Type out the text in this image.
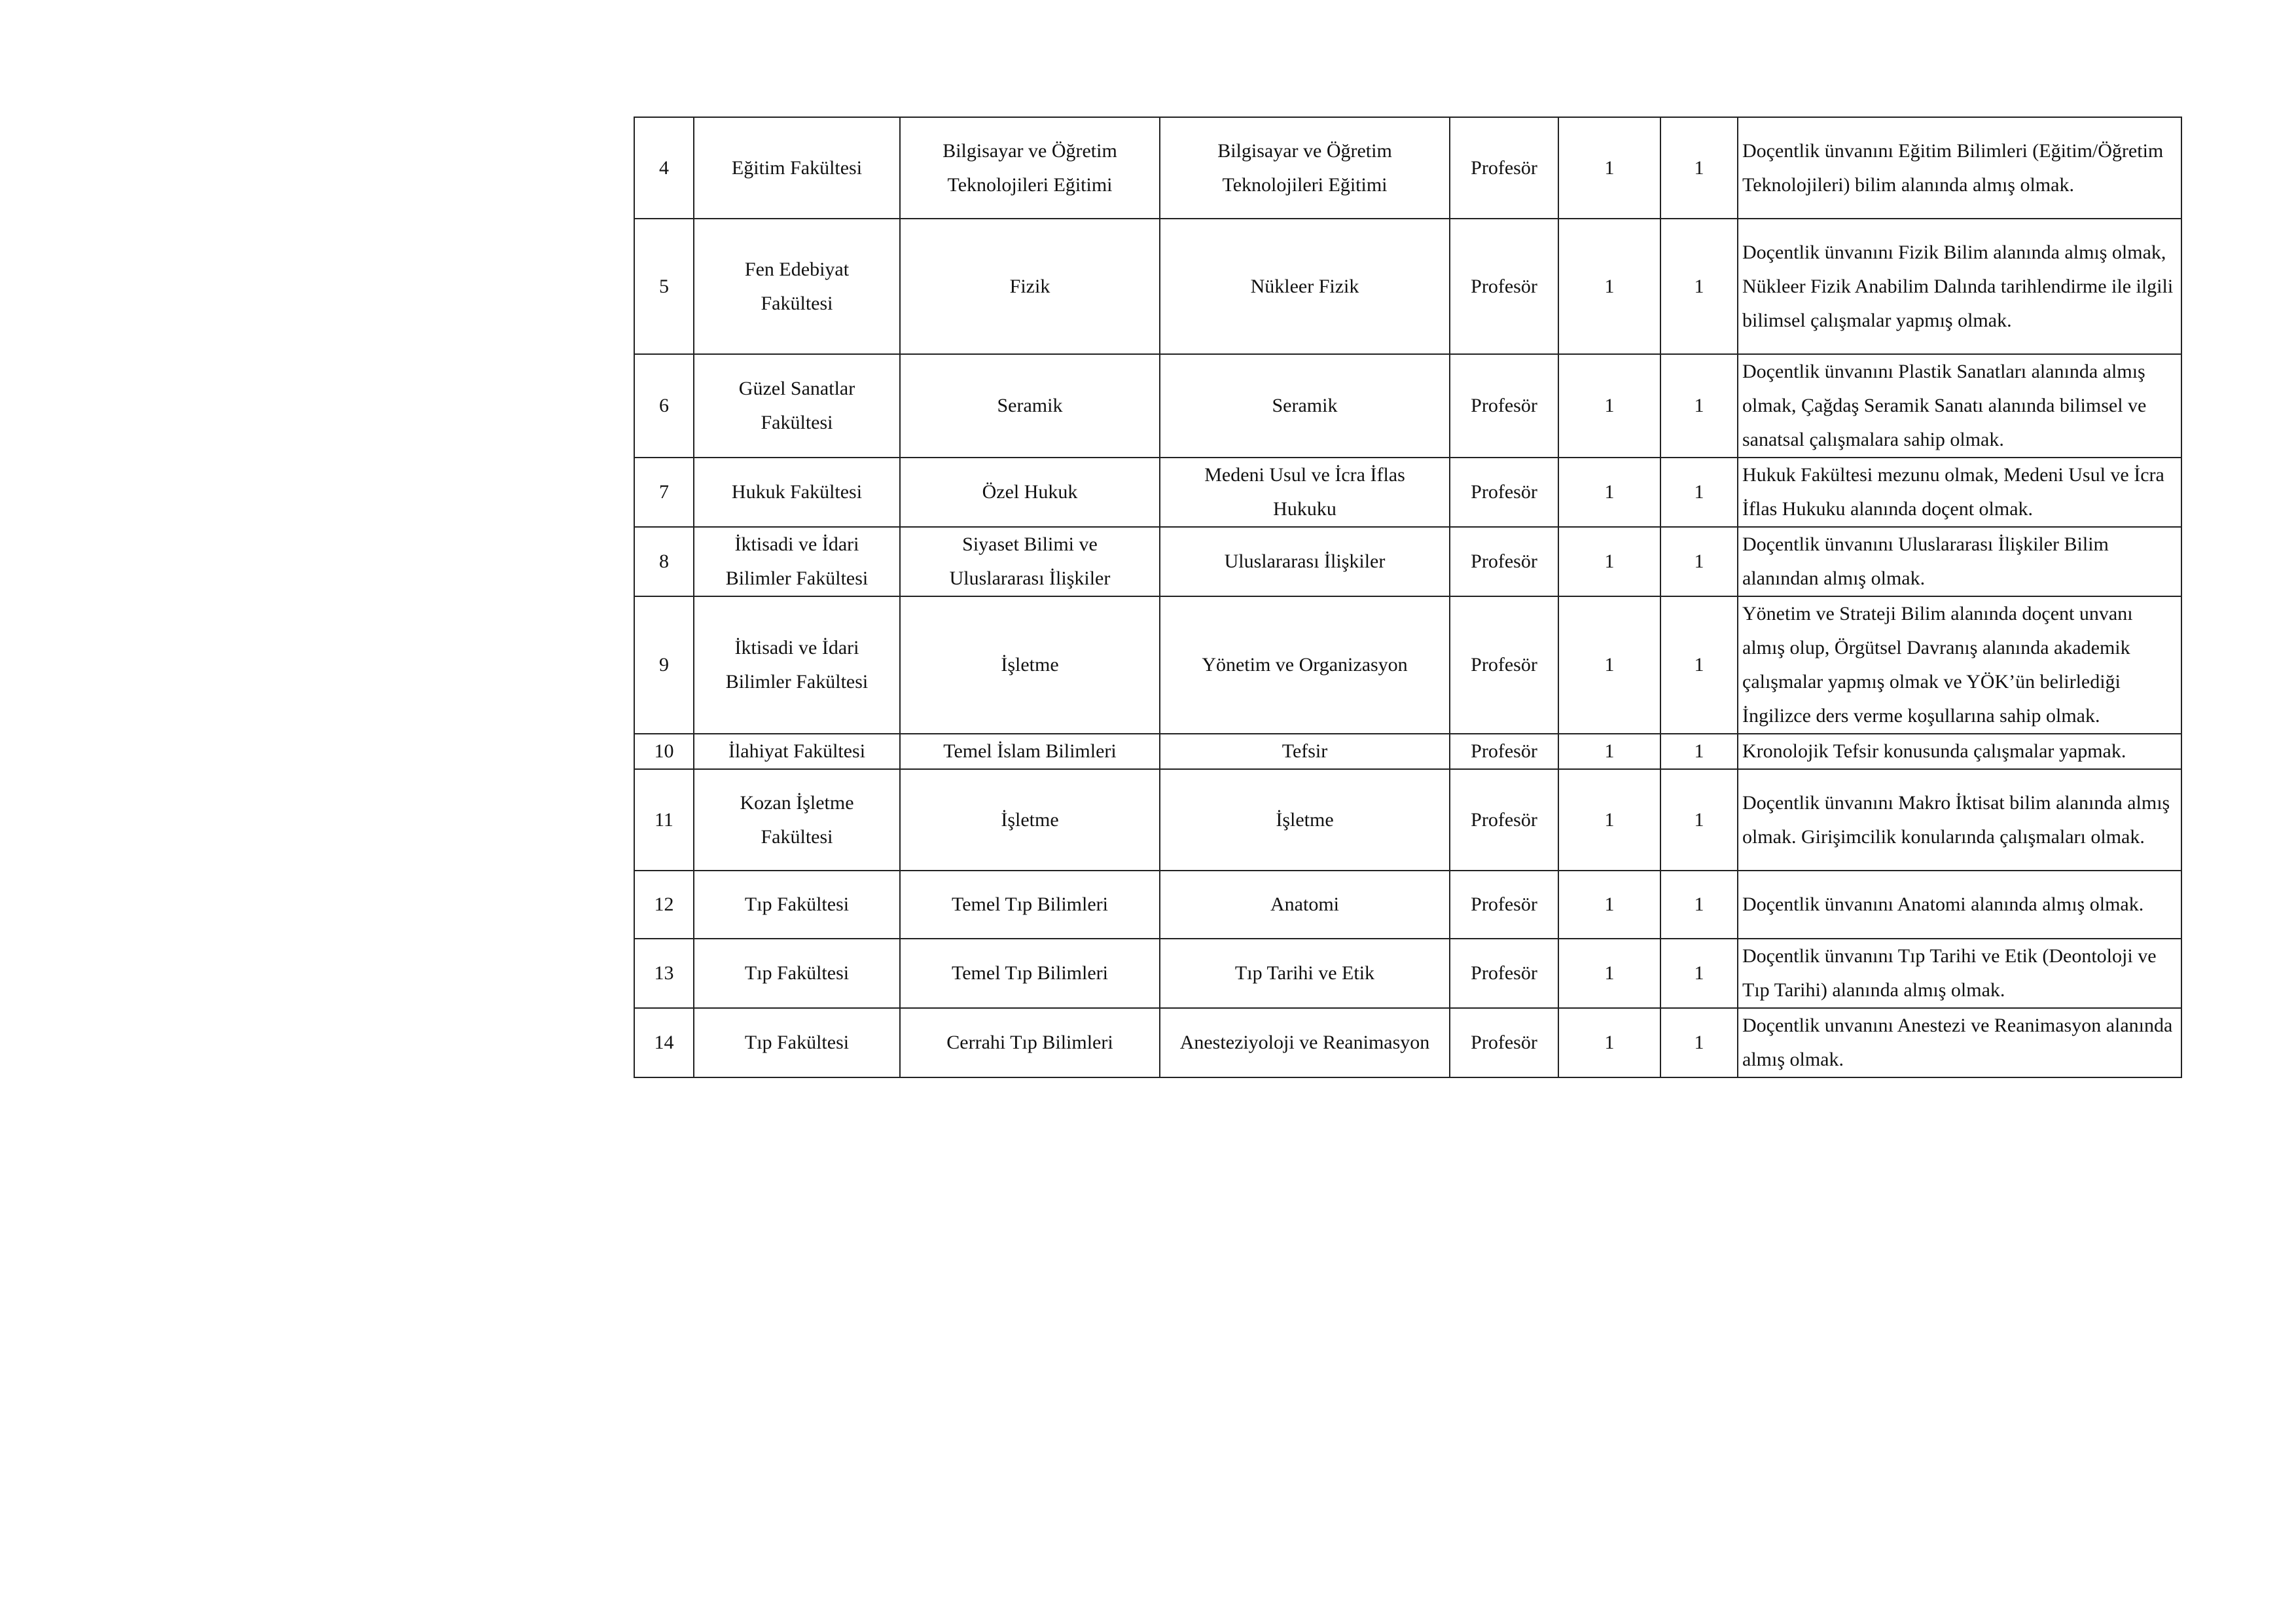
4	Eğitim Fakültesi	Bilgisayar ve Öğretim
Teknolojileri Eğitimi	Bilgisayar ve Öğretim
Teknolojileri Eğitimi	Profesör	1	1	Doçentlik ünvanını Eğitim Bilimleri (Eğitim/Öğretim Teknolojileri) bilim alanında almış olmak.
5	Fen Edebiyat
Fakültesi	Fizik	Nükleer Fizik	Profesör	1	1	Doçentlik ünvanını Fizik Bilim alanında almış olmak, Nükleer Fizik Anabilim Dalında tarihlendirme ile ilgili bilimsel çalışmalar yapmış olmak.
6	Güzel Sanatlar
Fakültesi	Seramik	Seramik	Profesör	1	1	Doçentlik ünvanını Plastik Sanatları alanında almış olmak, Çağdaş Seramik Sanatı alanında bilimsel ve sanatsal çalışmalara sahip olmak.
7	Hukuk Fakültesi	Özel Hukuk	Medeni Usul ve İcra İflas
Hukuku	Profesör	1	1	Hukuk Fakültesi mezunu olmak, Medeni Usul ve İcra İflas Hukuku alanında doçent olmak.
8	İktisadi ve İdari
Bilimler Fakültesi	Siyaset Bilimi ve
Uluslararası İlişkiler	Uluslararası İlişkiler	Profesör	1	1	Doçentlik ünvanını Uluslararası İlişkiler Bilim alanından almış olmak.
9	İktisadi ve İdari
Bilimler Fakültesi	İşletme	Yönetim ve Organizasyon	Profesör	1	1	Yönetim ve Strateji Bilim alanında doçent unvanı almış olup, Örgütsel Davranış alanında akademik çalışmalar yapmış olmak ve YÖK’ün belirlediği İngilizce ders verme koşullarına sahip olmak.
10	İlahiyat Fakültesi	Temel İslam Bilimleri	Tefsir	Profesör	1	1	Kronolojik Tefsir konusunda çalışmalar yapmak.
11	Kozan İşletme
Fakültesi	İşletme	İşletme	Profesör	1	1	Doçentlik ünvanını Makro İktisat bilim alanında almış olmak. Girişimcilik konularında çalışmaları olmak.
12	Tıp Fakültesi	Temel Tıp Bilimleri	Anatomi	Profesör	1	1	Doçentlik ünvanını Anatomi alanında almış olmak.
13	Tıp Fakültesi	Temel Tıp Bilimleri	Tıp Tarihi ve Etik	Profesör	1	1	Doçentlik ünvanını Tıp Tarihi ve Etik (Deontoloji ve Tıp Tarihi) alanında almış olmak.
14	Tıp Fakültesi	Cerrahi Tıp Bilimleri	Anesteziyoloji ve Reanimasyon	Profesör	1	1	Doçentlik unvanını Anestezi ve Reanimasyon alanında almış olmak.
